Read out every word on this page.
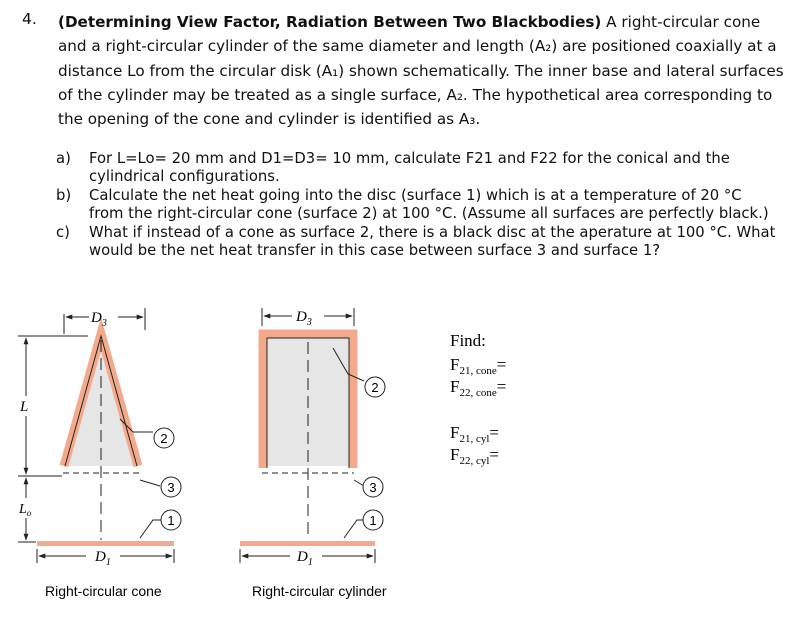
4. (Determining View Factor, Radiation Between Two Blackbodies) A right-circular cone and a right-circular cylinder of the same diameter and length (A₂) are positioned coaxially at a distance Lo from the circular disk (A₁) shown schematically. The inner base and lateral surfaces of the cylinder may be treated as a single surface, A₂. The hypothetical area corresponding to the opening of the cone and cylinder is identified as A₃.
a) For L=Lo= 20 mm and D1=D3= 10 mm, calculate F21 and F22 for the conical and the cylindrical configurations.
b) Calculate the net heat going into the disc (surface 1) which is at a temperature of 20 °C from the right-circular cone (surface 2) at 100 °C. (Assume all surfaces are perfectly black.)
c) What if instead of a cone as surface 2, there is a black disc at the aperature at 100 °C. What would be the net heat transfer in this case between surface 3 and surface 1?
$D_3$
L
$L_o$
$D_1$
2
3
1
Right-circular cone
$D_3$
$D_1$
2
3
1
Right-circular cylinder
Find:
$F_{21, cone}=$
$F_{22, cone}=$
$F_{21, cyl}=$
$F_{22, cyl}=$
